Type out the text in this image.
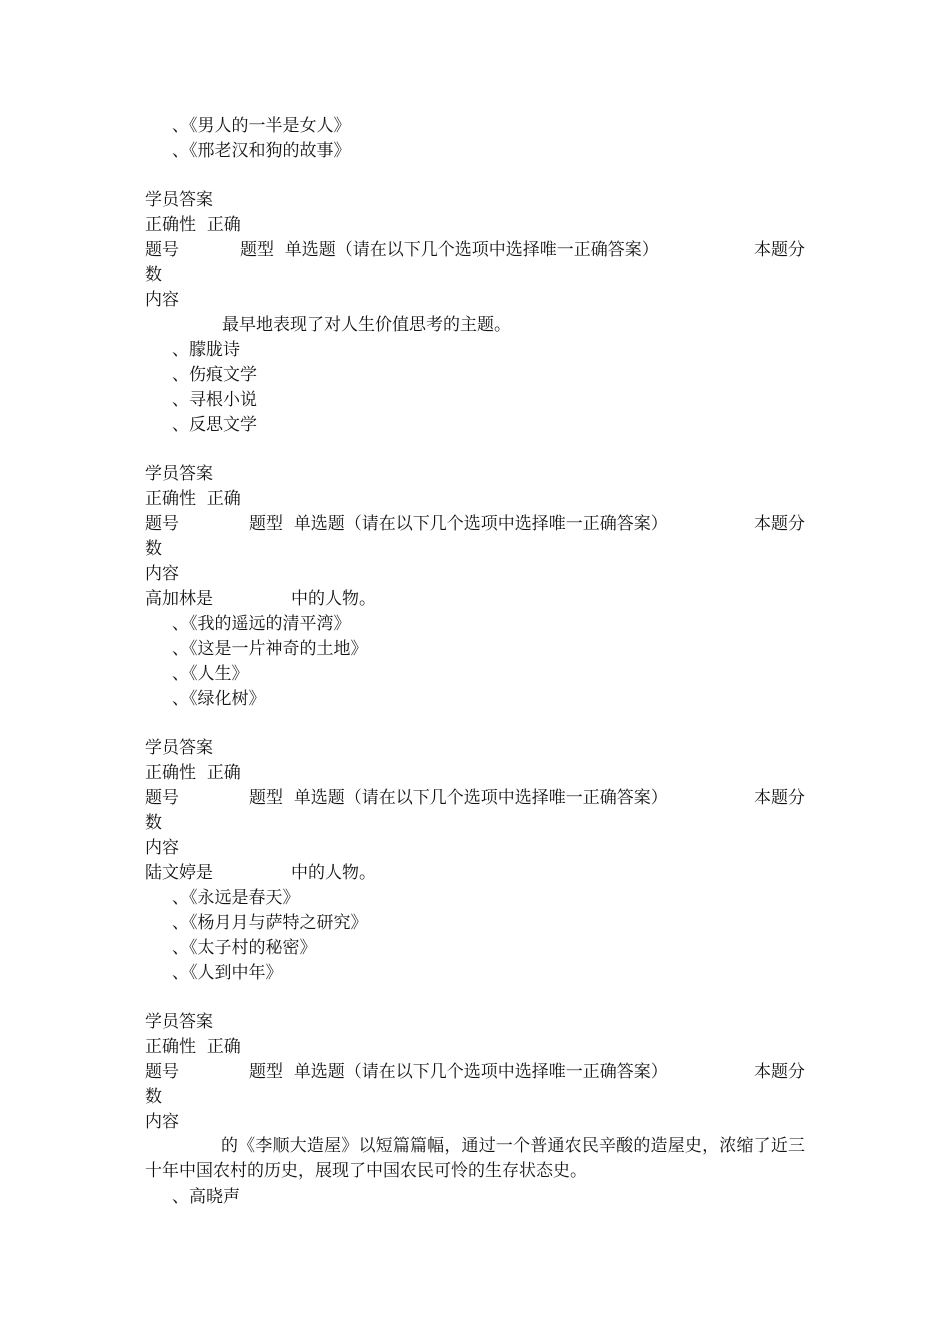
、《男人的一半是女人》
、《邢老汉和狗的故事》
学员答案
正确性 正确
题号	题型 单选题（请在以下几个选项中选择唯一正确答案）	本题分
数
内容
最早地表现了对人生价值思考的主题。
、朦胧诗
、伤痕文学
、寻根小说
、反思文学
学员答案
正确性 正确
题号	题型 单选题（请在以下几个选项中选择唯一正确答案）	本题分
数
内容
高加林是	中的人物。
、《我的遥远的清平湾》
、《这是一片神奇的土地》
、《人生》
、《绿化树》
学员答案
正确性 正确
题号	题型 单选题（请在以下几个选项中选择唯一正确答案）	本题分
数
内容
陆文婷是	中的人物。
、《永远是春天》
、《杨月月与萨特之研究》
、《太子村的秘密》
、《人到中年》
学员答案
正确性 正确
题号	题型 单选题（请在以下几个选项中选择唯一正确答案）	本题分
数
内容
的《李顺大造屋》以短篇篇幅，通过一个普通农民辛酸的造屋史，浓缩了近三十年中国农村的历史，展现了中国农民可怜的生存状态史。
、高晓声
